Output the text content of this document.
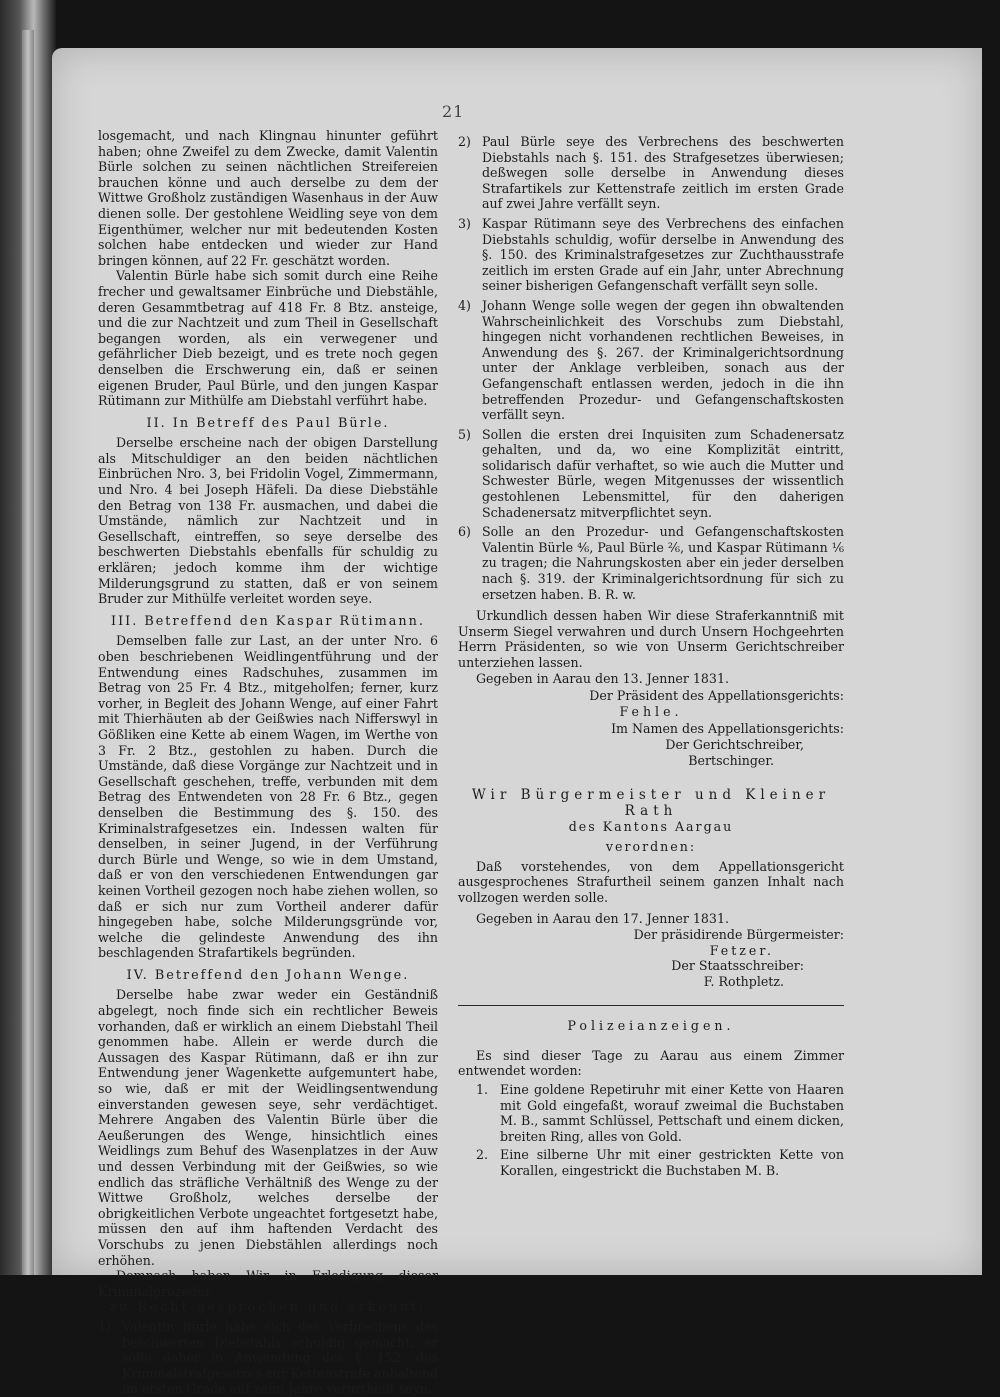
21

losgemacht, und nach Klingnau hinunter geführt haben; ohne Zweifel zu dem Zwecke, damit Valentin Bürle solchen zu seinen nächtlichen Streifereien brauchen könne und auch derselbe zu dem der Wittwe Großholz zuständigen Wasenhaus in der Auw dienen solle. Der gestohlene Weidling seye von dem Eigenthümer, welcher nur mit bedeutenden Kosten solchen habe entdecken und wieder zur Hand bringen können, auf 22 Fr. geschätzt worden.

Valentin Bürle habe sich somit durch eine Reihe frecher und gewaltsamer Einbrüche und Diebstähle, deren Gesammtbetrag auf 418 Fr. 8 Btz. ansteige, und die zur Nachtzeit und zum Theil in Gesellschaft begangen worden, als ein verwegener und gefährlicher Dieb bezeigt, und es trete noch gegen denselben die Erschwerung ein, daß er seinen eigenen Bruder, Paul Bürle, und den jungen Kaspar Rütimann zur Mithülfe am Diebstahl verführt habe.

II. In Betreff des Paul Bürle.

Derselbe erscheine nach der obigen Darstellung als Mitschuldiger an den beiden nächtlichen Einbrüchen Nro. 3, bei Fridolin Vogel, Zimmermann, und Nro. 4 bei Joseph Häfeli. Da diese Diebstähle den Betrag von 138 Fr. ausmachen, und dabei die Umstände, nämlich zur Nachtzeit und in Gesellschaft, eintreffen, so seye derselbe des beschwerten Diebstahls ebenfalls für schuldig zu erklären; jedoch komme ihm der wichtige Milderungsgrund zu statten, daß er von seinem Bruder zur Mithülfe verleitet worden seye.

III. Betreffend den Kaspar Rütimann.

Demselben falle zur Last, an der unter Nro. 6 oben beschriebenen Weidlingentführung und der Entwendung eines Radschuhes, zusammen im Betrag von 25 Fr. 4 Btz., mitgeholfen; ferner, kurz vorher, in Begleit des Johann Wenge, auf einer Fahrt mit Thierhäuten ab der Geißwies nach Nifferswyl in Gößliken eine Kette ab einem Wagen, im Werthe von 3 Fr. 2 Btz., gestohlen zu haben. Durch die Umstände, daß diese Vorgänge zur Nachtzeit und in Gesellschaft geschehen, treffe, verbunden mit dem Betrag des Entwendeten von 28 Fr. 6 Btz., gegen denselben die Bestimmung des §. 150. des Kriminalstrafgesetzes ein. Indessen walten für denselben, in seiner Jugend, in der Verführung durch Bürle und Wenge, so wie in dem Umstand, daß er von den verschiedenen Entwendungen gar keinen Vortheil gezogen noch habe ziehen wollen, so daß er sich nur zum Vortheil anderer dafür hingegeben habe, solche Milderungsgründe vor, welche die gelindeste Anwendung des ihn beschlagenden Strafartikels begründen.

IV. Betreffend den Johann Wenge.

Derselbe habe zwar weder ein Geständniß abgelegt, noch finde sich ein rechtlicher Beweis vorhanden, daß er wirklich an einem Diebstahl Theil genommen habe. Allein er werde durch die Aussagen des Kaspar Rütimann, daß er ihn zur Entwendung jener Wagenkette aufgemuntert habe, so wie, daß er mit der Weidlingsentwendung einverstanden gewesen seye, sehr verdächtiget. Mehrere Angaben des Valentin Bürle über die Aeußerungen des Wenge, hinsichtlich eines Weidlings zum Behuf des Wasenplatzes in der Auw und dessen Verbindung mit der Geißwies, so wie endlich das sträfliche Verhältniß des Wenge zu der Wittwe Großholz, welches derselbe der obrigkeitlichen Verbote ungeachtet fortgesetzt habe, müssen den auf ihm haftenden Verdacht des Vorschubs zu jenen Diebstählen allerdings noch erhöhen.

Demnach haben Wir in Erledigung dieser Kriminalprozedur

zu Recht gesprochen und erkennt:

1) Valentin Bürle habe sich des Verbrechens des beschwerten Diebstahls schuldig gemacht; er solle daher in Anwendung des §. 152. des Kriminalstrafgesetzes zur Kettenstrafe anhaltend im ersten Grade auf zehn Jahre verurtheilt seyn.

2) Paul Bürle seye des Verbrechens des beschwerten Diebstahls nach §. 151. des Strafgesetzes überwiesen; deßwegen solle derselbe in Anwendung dieses Strafartikels zur Kettenstrafe zeitlich im ersten Grade auf zwei Jahre verfällt seyn.

3) Kaspar Rütimann seye des Verbrechens des einfachen Diebstahls schuldig, wofür derselbe in Anwendung des §. 150. des Kriminalstrafgesetzes zur Zuchthausstrafe zeitlich im ersten Grade auf ein Jahr, unter Abrechnung seiner bisherigen Gefangenschaft verfällt seyn solle.

4) Johann Wenge solle wegen der gegen ihn obwaltenden Wahrscheinlichkeit des Vorschubs zum Diebstahl, hingegen nicht vorhandenen rechtlichen Beweises, in Anwendung des §. 267. der Kriminalgerichtsordnung unter der Anklage verbleiben, sonach aus der Gefangenschaft entlassen werden, jedoch in die ihn betreffenden Prozedur- und Gefangenschaftskosten verfällt seyn.

5) Sollen die ersten drei Inquisiten zum Schadenersatz gehalten, und da, wo eine Komplizität eintritt, solidarisch dafür verhaftet, so wie auch die Mutter und Schwester Bürle, wegen Mitgenusses der wissentlich gestohlenen Lebensmittel, für den daherigen Schadenersatz mitverpflichtet seyn.

6) Solle an den Prozedur- und Gefangenschaftskosten Valentin Bürle ⁴⁄₆, Paul Bürle ²⁄₆, und Kaspar Rütimann ¹⁄₆ zu tragen; die Nahrungskosten aber ein jeder derselben nach §. 319. der Kriminalgerichtsordnung für sich zu ersetzen haben. B. R. w.

Urkundlich dessen haben Wir diese Straferkanntniß mit Unserm Siegel verwahren und durch Unsern Hochgeehrten Herrn Präsidenten, so wie von Unserm Gerichtschreiber unterziehen lassen.

Gegeben in Aarau den 13. Jenner 1831.

Der Präsident des Appellationsgerichts:

Fehle.

Im Namen des Appellationsgerichts:

Der Gerichtschreiber,

Bertschinger.

Wir Bürgermeister und Kleiner Rath

des Kantons Aargau

verordnen:

Daß vorstehendes, von dem Appellationsgericht ausgesprochenes Strafurtheil seinem ganzen Inhalt nach vollzogen werden solle.

Gegeben in Aarau den 17. Jenner 1831.

Der präsidirende Bürgermeister:

Fetzer.

Der Staatsschreiber:

F. Rothpletz.

Polizeianzeigen.

Es sind dieser Tage zu Aarau aus einem Zimmer entwendet worden:

1. Eine goldene Repetiruhr mit einer Kette von Haaren mit Gold eingefaßt, worauf zweimal die Buchstaben M. B., sammt Schlüssel, Pettschaft und einem dicken, breiten Ring, alles von Gold.

2. Eine silberne Uhr mit einer gestrickten Kette von Korallen, eingestrickt die Buchstaben M. B.
